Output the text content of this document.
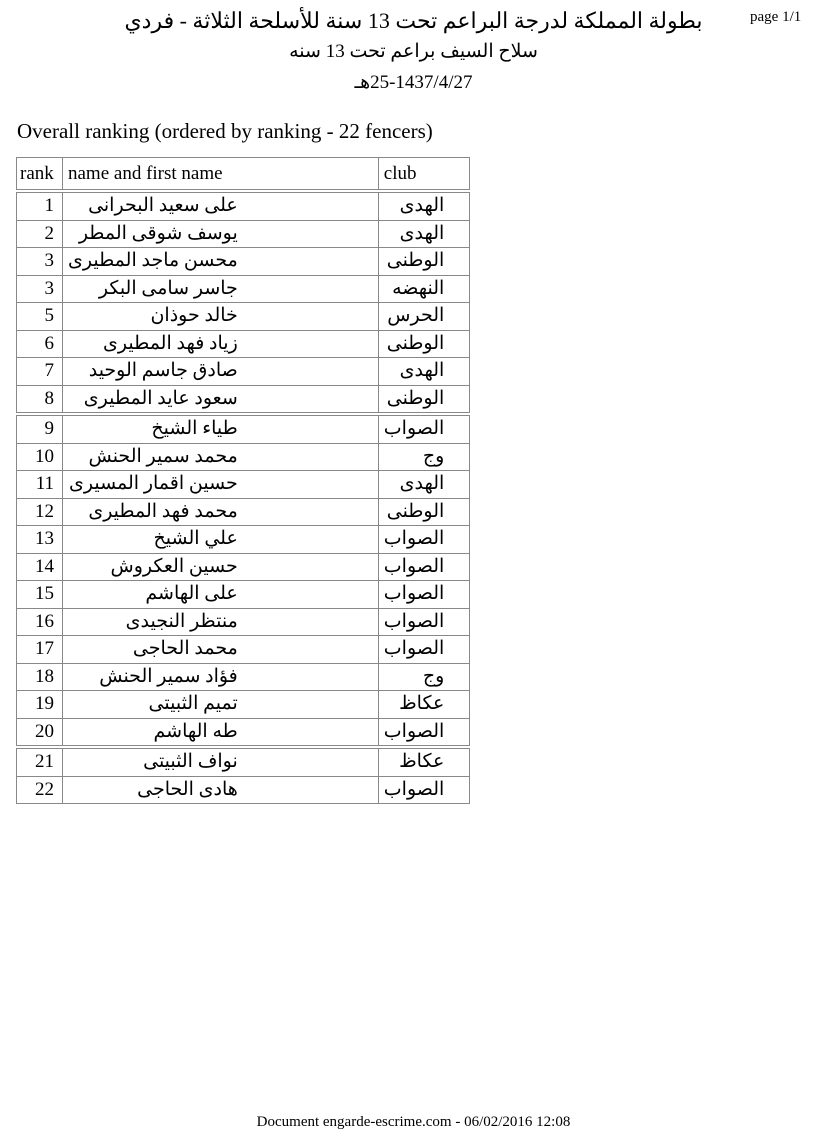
page 1/1
بطولة المملكة لدرجة البراعم تحت 13 سنة للأسلحة الثلاثة - فردي
سلاح السيف براعم تحت 13 سنه
25-1437/4/27هـ
Overall ranking (ordered by ranking - 22 fencers)
rank	name and first name	club
1	على سعيد البحرانى	الهدى
2	يوسف شوقى المطر	الهدى
3	محسن ماجد المطيرى	الوطنى
3	جاسر سامى البكر	النهضه
5	خالد حوذان	الحرس
6	زياد فهد المطيرى	الوطنى
7	صادق جاسم الوحيد	الهدى
8	سعود عايد المطيرى	الوطنى
9	طياء الشيخ	الصواب
10	محمد سمير الحنش	وج
11	حسين اقمار المسيرى	الهدى
12	محمد فهد المطيرى	الوطنى
13	علي الشيخ	الصواب
14	حسين العكروش	الصواب
15	على الهاشم	الصواب
16	منتظر النجيدى	الصواب
17	محمد الحاجى	الصواب
18	فؤاد سمير الحنش	وج
19	تميم الثبيتى	عكاظ
20	طه الهاشم	الصواب
21	نواف الثبيتى	عكاظ
22	هادى الحاجى	الصواب
Document engarde-escrime.com - 06/02/2016 12:08
